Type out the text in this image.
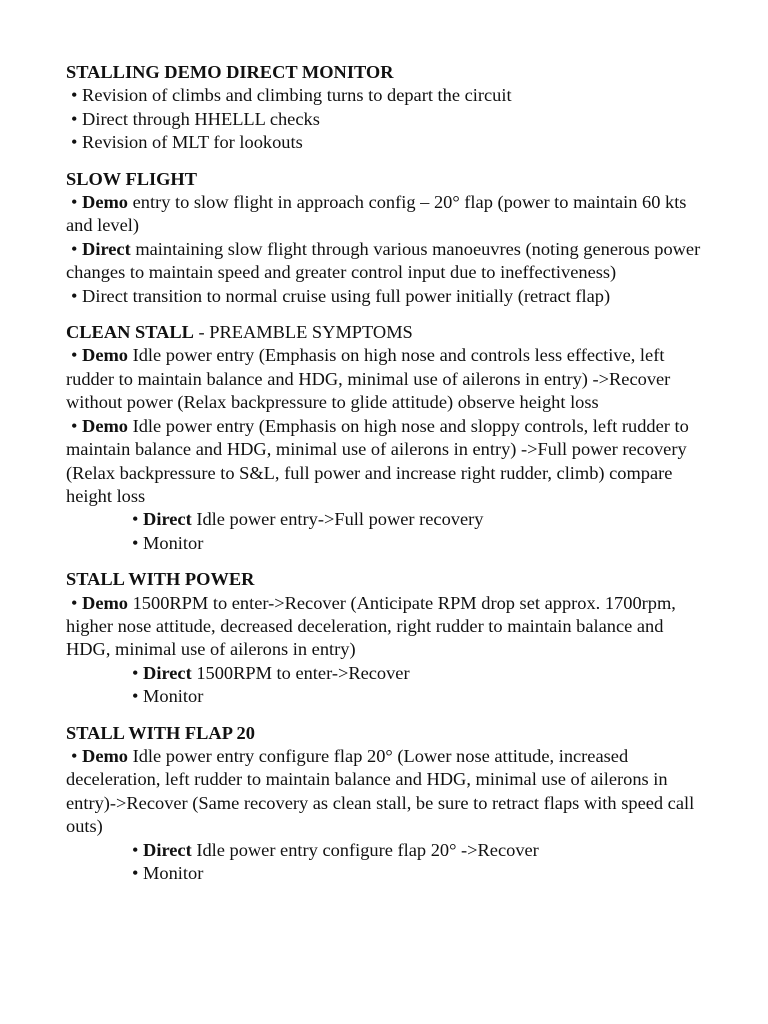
STALLING DEMO DIRECT MONITOR
• Revision of climbs and climbing turns to depart the circuit
• Direct through HHELLL checks
• Revision of MLT for lookouts
SLOW FLIGHT
• Demo entry to slow flight in approach config – 20° flap (power to maintain 60 kts and level)
• Direct maintaining slow flight through various manoeuvres (noting generous power changes to maintain speed and greater control input due to ineffectiveness)
• Direct transition to normal cruise using full power initially (retract flap)
CLEAN STALL - PREAMBLE SYMPTOMS
• Demo Idle power entry (Emphasis on high nose and controls less effective, left rudder to maintain balance and HDG, minimal use of ailerons in entry) ->Recover without power (Relax backpressure to glide attitude) observe height loss
• Demo Idle power entry (Emphasis on high nose and sloppy controls, left rudder to maintain balance and HDG, minimal use of ailerons in entry) ->Full power recovery (Relax backpressure to S&L, full power and increase right rudder, climb) compare height loss
• Direct Idle power entry->Full power recovery
• Monitor
STALL WITH POWER
• Demo 1500RPM to enter->Recover (Anticipate RPM drop set approx. 1700rpm, higher nose attitude, decreased deceleration, right rudder to maintain balance and HDG, minimal use of ailerons in entry)
• Direct 1500RPM to enter->Recover
• Monitor
STALL WITH FLAP 20
• Demo Idle power entry configure flap 20° (Lower nose attitude, increased deceleration, left rudder to maintain balance and HDG, minimal use of ailerons in entry)->Recover (Same recovery as clean stall, be sure to retract flaps with speed call outs)
• Direct Idle power entry configure flap 20° ->Recover
• Monitor
